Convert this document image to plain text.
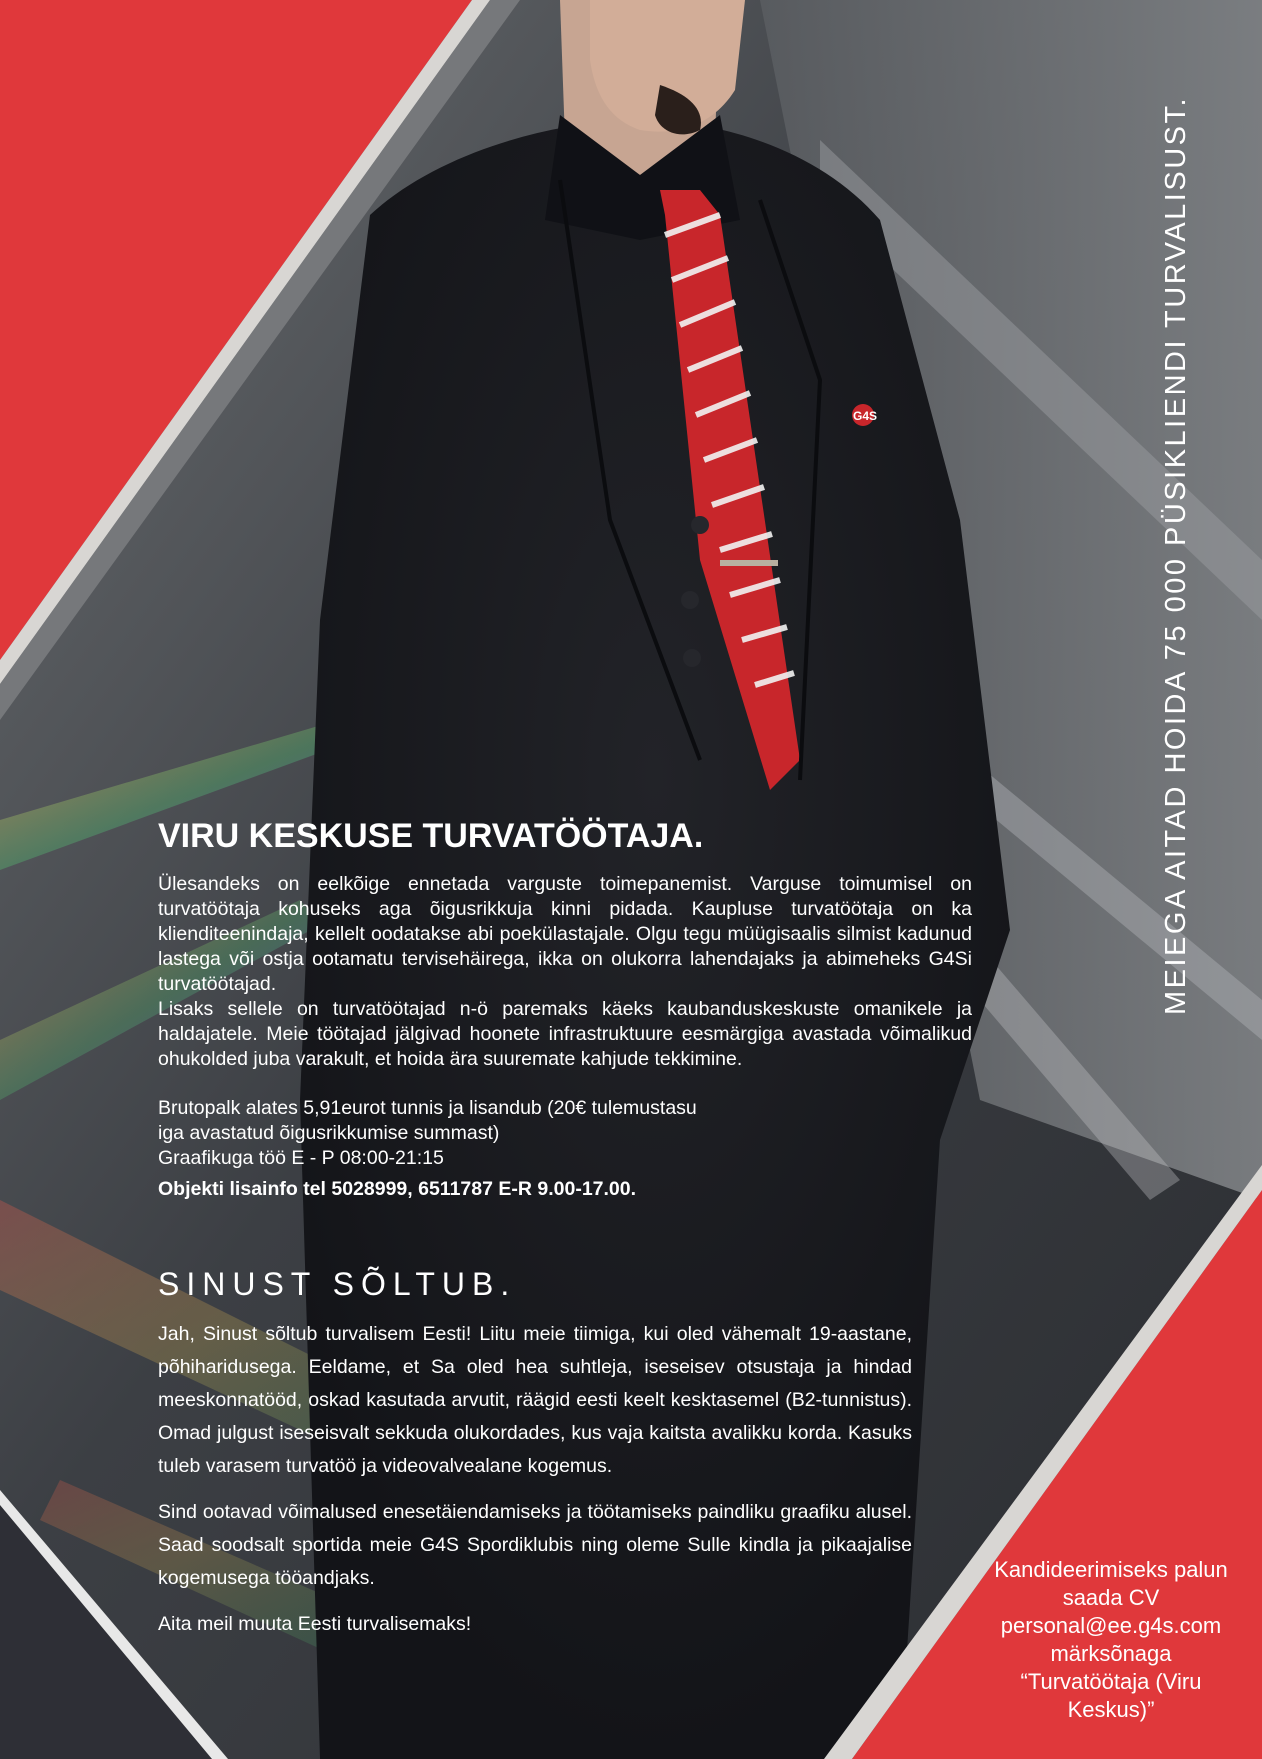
G4S
VIRU KESKUSE TURVATÖÖTAJA.

Ülesandeks on eelkõige ennetada varguste toimepanemist. Varguse toimumisel on turvatöötaja kohuseks aga õigusrikkuja kinni pidada. Kaupluse turvatöötaja on ka klienditeenindaja, kellelt oodatakse abi poekülastajale. Olgu tegu müügisaalis silmist kadunud lastega või ostja ootamatu tervisehäirega, ikka on olukorra lahendajaks ja abimeheks G4Si turvatöötajad.

Lisaks sellele on turvatöötajad n-ö paremaks käeks kaubanduskeskuste omanikele ja haldajatele. Meie töötajad jälgivad hoonete infrastruktuure eesmärgiga avastada võimalikud ohukolded juba varakult, et hoida ära suuremate kahjude tekkimine.

Brutopalk alates 5,91eurot tunnis ja lisandub (20€ tulemustasu
iga avastatud õigusrikkumise summast)
Graafikuga töö E - P 08:00-21:15
Objekti lisainfo tel 5028999, 6511787 E-R 9.00-17.00.
SINUST SÕLTUB.

Jah, Sinust sõltub turvalisem Eesti! Liitu meie tiimiga, kui oled vähemalt 19-aastane, põhiharidusega. Eeldame, et Sa oled hea suhtleja, iseseisev otsustaja ja hindad meeskonnatööd, oskad kasutada arvutit, räägid eesti keelt kesktasemel (B2-tunnistus). Omad julgust iseseisvalt sekkuda olukordades, kus vaja kaitsta avalikku korda. Kasuks tuleb varasem turvatöö ja videovalvealane kogemus.

Sind ootavad võimalused enesetäiendamiseks ja töötamiseks paindliku graafiku alusel. Saad soodsalt sportida meie G4S Spordiklubis ning oleme Sulle kindla ja pikaajalise kogemusega tööandjaks.

Aita meil muuta Eesti turvalisemaks!

MEIEGA AITAD HOIDA 75 000 PÜSIKLIENDI TURVALISUST.
Kandideerimiseks palun
saada CV
personal@ee.g4s.com
märksõnaga
“Turvatöötaja (Viru
Keskus)”
